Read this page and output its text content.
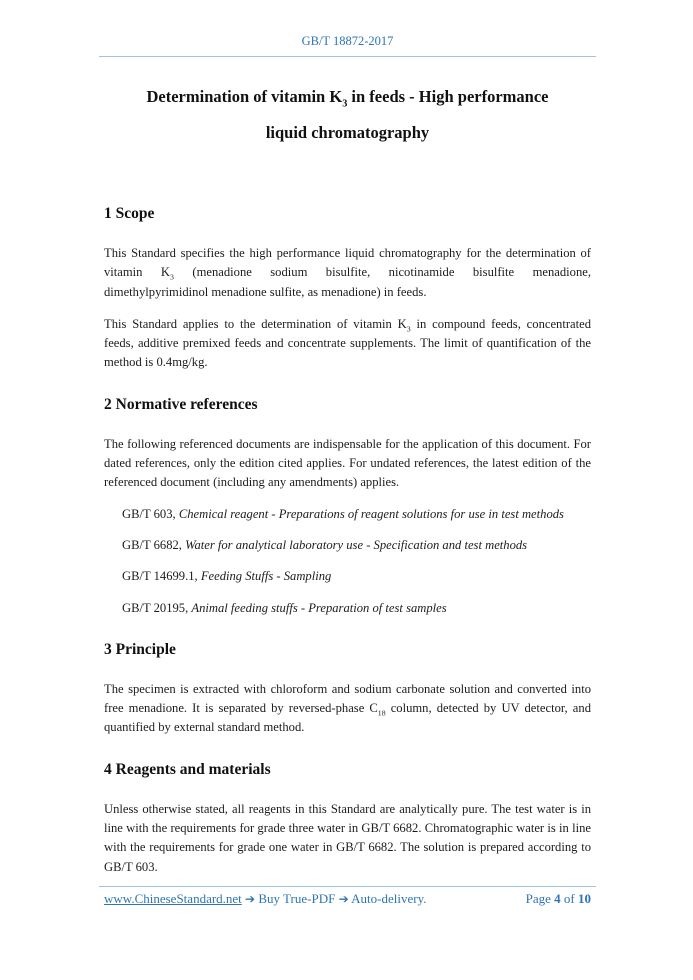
GB/T 18872-2017
Determination of vitamin $K_3$ in feeds - High performance
liquid chromatography
1 Scope

This Standard specifies the high performance liquid chromatography for the determination of vitamin $K_3$ (menadione sodium bisulfite, nicotinamide bisulfite menadione, dimethylpyrimidinol menadione sulfite, as menadione) in feeds.

This Standard applies to the determination of vitamin $K_3$ in compound feeds, concentrated feeds, additive premixed feeds and concentrate supplements. The limit of quantification of the method is 0.4mg/kg.

2 Normative references

The following referenced documents are indispensable for the application of this document. For dated references, only the edition cited applies. For undated references, the latest edition of the referenced document (including any amendments) applies.

GB/T 603, Chemical reagent - Preparations of reagent solutions for use in test methods

GB/T 6682, Water for analytical laboratory use - Specification and test methods

GB/T 14699.1, Feeding Stuffs - Sampling

GB/T 20195, Animal feeding stuffs - Preparation of test samples

3 Principle

The specimen is extracted with chloroform and sodium carbonate solution and converted into free menadione. It is separated by reversed-phase $C_{18}$ column, detected by UV detector, and quantified by external standard method.

4 Reagents and materials

Unless otherwise stated, all reagents in this Standard are analytically pure. The test water is in line with the requirements for grade three water in GB/T 6682. Chromatographic water is in line with the requirements for grade one water in GB/T 6682. The solution is prepared according to GB/T 603.

www.ChineseStandard.net ➔ Buy True-PDF ➔ Auto-delivery.	Page 4 of 10
